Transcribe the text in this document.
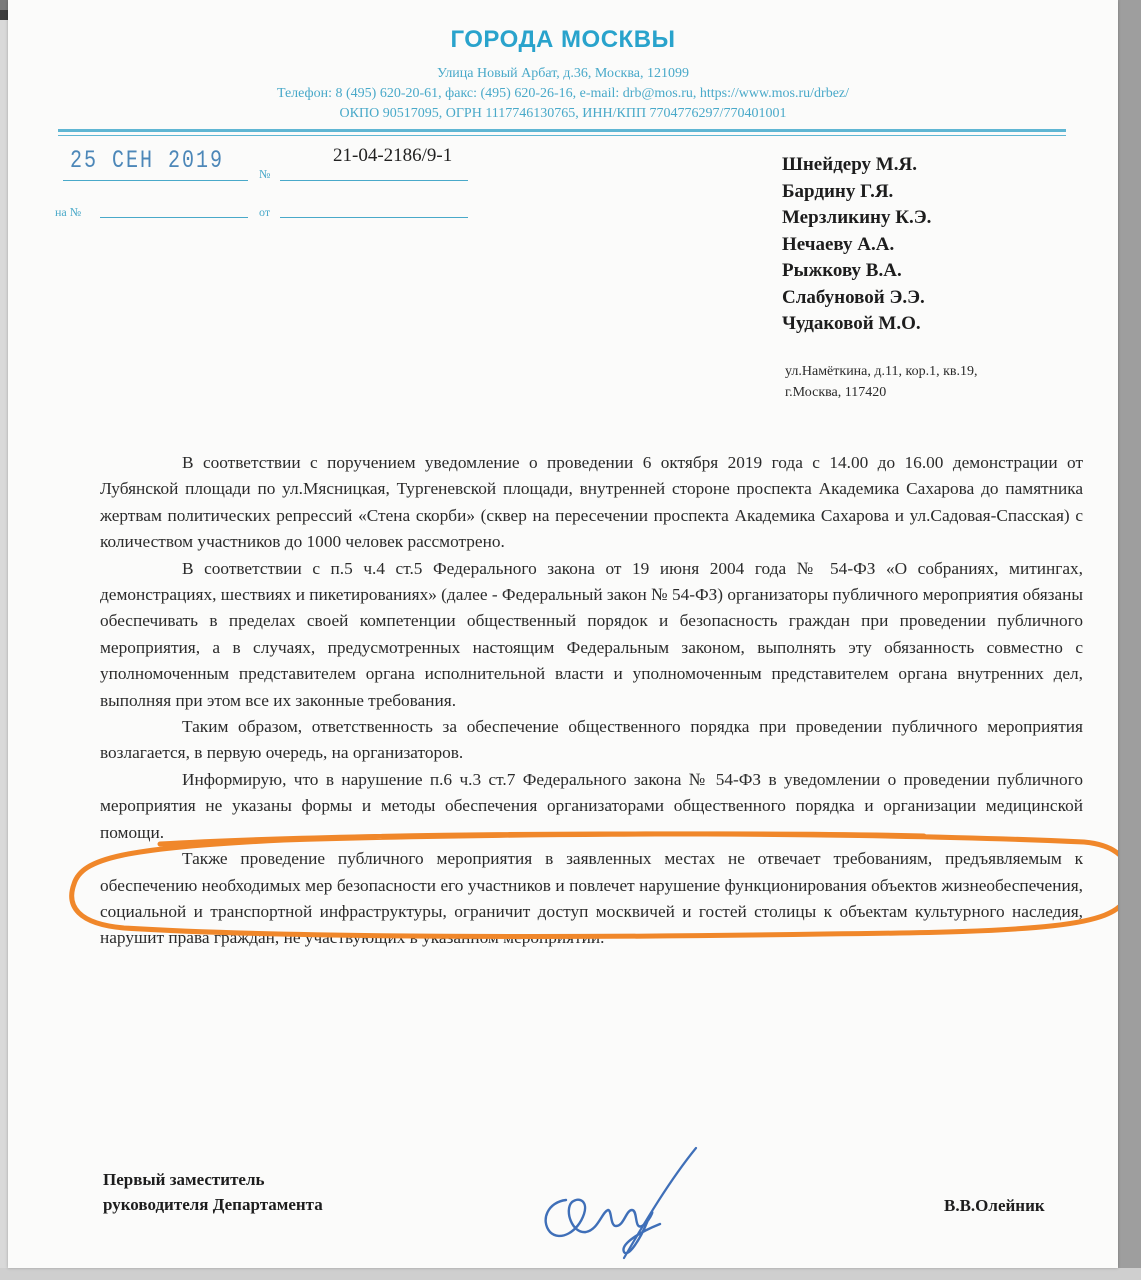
ГОРОДА МОСКВЫ
Улица Новый Арбат, д.36, Москва, 121099
Телефон: 8 (495) 620-20-61, факс: (495) 620-26-16, e-mail: drb@mos.ru, https://www.mos.ru/drbez/
ОКПО 90517095, ОГРН 1117746130765, ИНН/КПП 7704776297/770401001
25 СЕН 2019	№
21-04-2186/9-1
на №	от
Шнейдеру М.Я.
Бардину Г.Я.
Мерзликину К.Э.
Нечаеву А.А.
Рыжкову В.А.
Слабуновой Э.Э.
Чудаковой М.О.
ул.Намёткина, д.11, кор.1, кв.19,
г.Москва, 117420

В соответствии с поручением уведомление о проведении 6 октября 2019 года с 14.00 до 16.00 демонстрации от Лубянской площади по ул.Мясницкая, Тургеневской площади, внутренней стороне проспекта Академика Сахарова до памятника жертвам политических репрессий «Стена скорби» (сквер на пересечении проспекта Академика Сахарова и ул.Садовая-Спасская) с количеством участников до 1000 человек рассмотрено.

В соответствии с п.5 ч.4 ст.5 Федерального закона от 19 июня 2004 года № 54-ФЗ «О собраниях, митингах, демонстрациях, шествиях и пикетированиях» (далее - Федеральный закон № 54-ФЗ) организаторы публичного мероприятия обязаны обеспечивать в пределах своей компетенции общественный порядок и безопасность граждан при проведении публичного мероприятия, а в случаях, предусмотренных настоящим Федеральным законом, выполнять эту обязанность совместно с уполномоченным представителем органа исполнительной власти и уполномоченным представителем органа внутренних дел, выполняя при этом все их законные требования.

Таким образом, ответственность за обеспечение общественного порядка при проведении публичного мероприятия возлагается, в первую очередь, на организаторов.

Информирую, что в нарушение п.6 ч.3 ст.7 Федерального закона № 54-ФЗ в уведомлении о проведении публичного мероприятия не указаны формы и методы обеспечения организаторами общественного порядка и организации медицинской помощи.

Также проведение публичного мероприятия в заявленных местах не отвечает требованиям, предъявляемым к обеспечению необходимых мер безопасности его участников и повлечет нарушение функционирования объектов жизнеобеспечения, социальной и транспортной инфраструктуры, ограничит доступ москвичей и гостей столицы к объектам культурного наследия, нарушит права граждан, не участвующих в указанном мероприятии.

Первый заместитель
руководителя Департамента	В.В.Олейник
